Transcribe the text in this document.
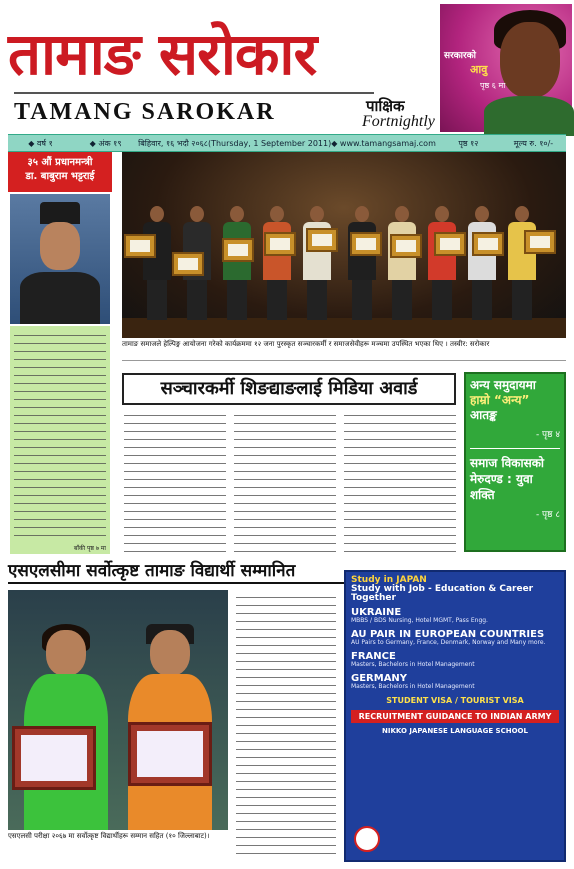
तामाङ सरोकार
TAMANG SAROKAR	पाक्षिक
Fortnightly
सरकारको
आवु
पृष्ठ ६ मा
◆ वर्ष १	◆ अंक १९	बिहिवार, १६ भदौ २०६८ (Thursday, 1 September 2011) ◆ www.tamangsamaj.com	पृष्ठ १२	मूल्य रु. १०/-
३५ औं प्रधानमन्त्री
डा. बाबुराम भट्टराई
बाँकी पृष्ठ ७ मा
तामाङ समाजले हेल्पिङ्ग आयोजना गरेको कार्यक्रममा १२ जना पुरस्कृत सञ्चारकर्मी र समाजसेवीहरू मञ्चमा उपस्थित भएका थिए । तस्वीर: सरोकार
सञ्चारकर्मी शिङद्याङलाई मिडिया अवार्ड	अन्य समुदायमा
हाम्रो “अन्य”
आतङ्क
- पृष्ठ ४
समाज विकासको
मेरुदण्ड : युवा
शक्ति
- पृष्ठ ८
एसएलसीमा सर्वोत्कृष्ट तामाङ विद्यार्थी सम्मानित
एसएलसी परीक्षा २०६७ मा सर्वोत्कृष्ट विद्यार्थीहरू सम्मान सहित (१० जिल्लाबाट)।
Study in JAPAN
Study with Job - Education & Career Together
UKRAINE
MBBS / BDS Nursing, Hotel MGMT, Pass Engg.
AU PAIR IN EUROPEAN COUNTRIES
AU Pairs to Germany, France, Denmark, Norway and Many more.
FRANCE
Masters, Bachelors in Hotel Management
GERMANY
Masters, Bachelors in Hotel Management
STUDENT VISA / TOURIST VISA
RECRUITMENT GUIDANCE TO INDIAN ARMY
NIKKO JAPANESE LANGUAGE SCHOOL
